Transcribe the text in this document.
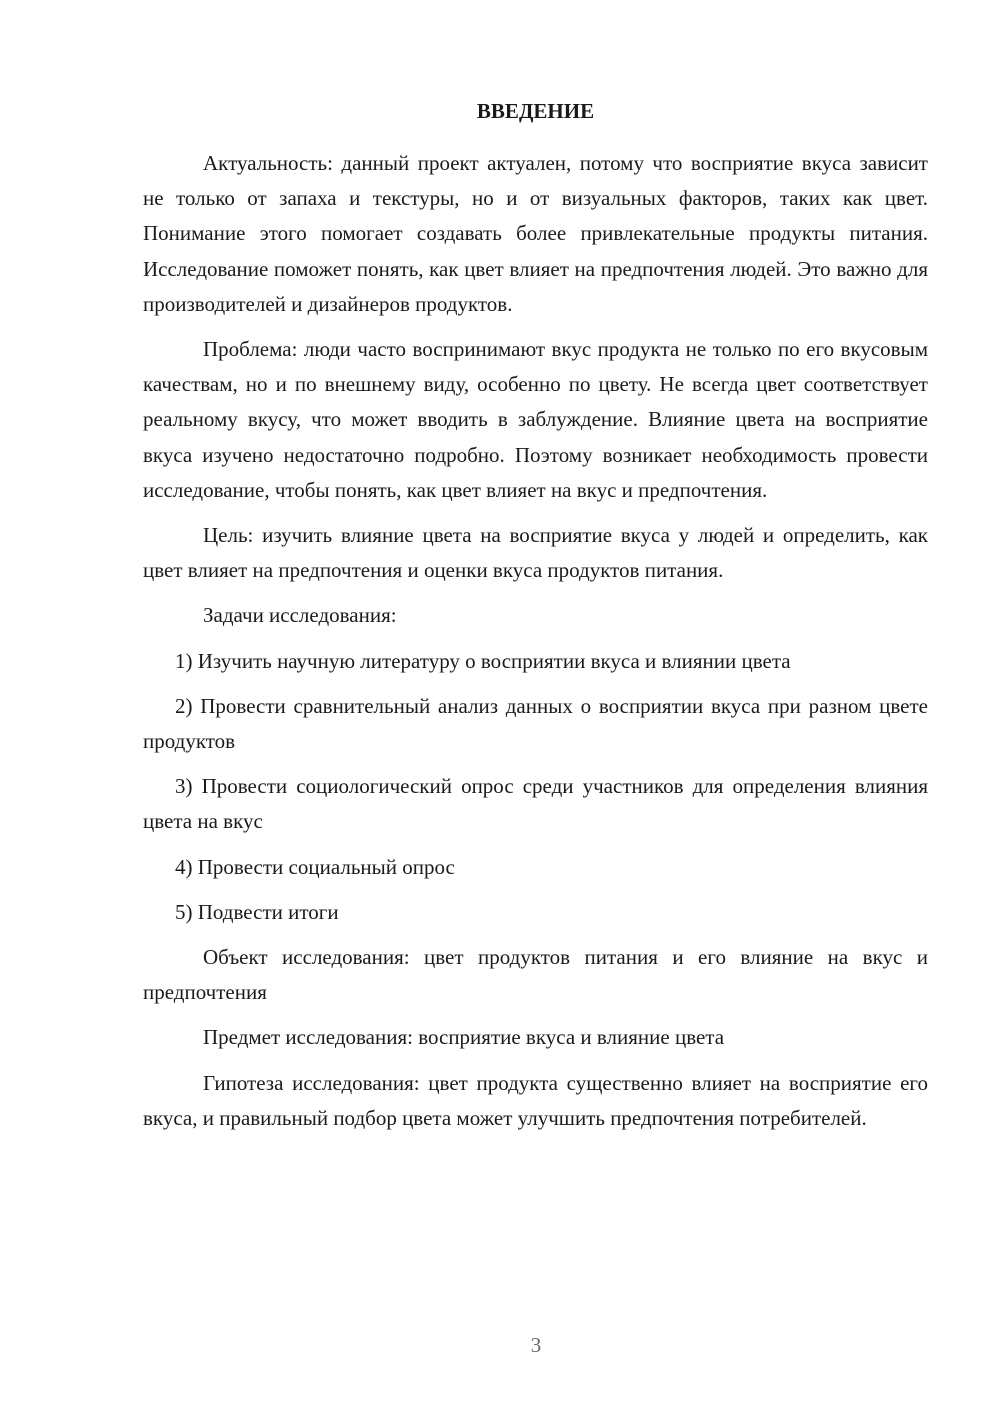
ВВЕДЕНИЕ

Актуальность: данный проект актуален, потому что восприятие вкуса зависит не только от запаха и текстуры, но и от визуальных факторов, таких как цвет. Понимание этого помогает создавать более привлекательные продукты питания. Исследование поможет понять, как цвет влияет на предпочтения людей. Это важно для производителей и дизайнеров продуктов.

Проблема: люди часто воспринимают вкус продукта не только по его вкусовым качествам, но и по внешнему виду, особенно по цвету. Не всегда цвет соответствует реальному вкусу, что может вводить в заблуждение. Влияние цвета на восприятие вкуса изучено недостаточно подробно. Поэтому возникает необходимость провести исследование, чтобы понять, как цвет влияет на вкус и предпочтения.

Цель: изучить влияние цвета на восприятие вкуса у людей и определить, как цвет влияет на предпочтения и оценки вкуса продуктов питания.

Задачи исследования:

1) Изучить научную литературу о восприятии вкуса и влиянии цвета

2) Провести сравнительный анализ данных о восприятии вкуса при разном цвете продуктов

3) Провести социологический опрос среди участников для определения влияния цвета на вкус

4) Провести социальный опрос

5) Подвести итоги

Объект исследования: цвет продуктов питания и его влияние на вкус и предпочтения

Предмет исследования: восприятие вкуса и влияние цвета

Гипотеза исследования: цвет продукта существенно влияет на восприятие его вкуса, и правильный подбор цвета может улучшить предпочтения потребителей.

3
